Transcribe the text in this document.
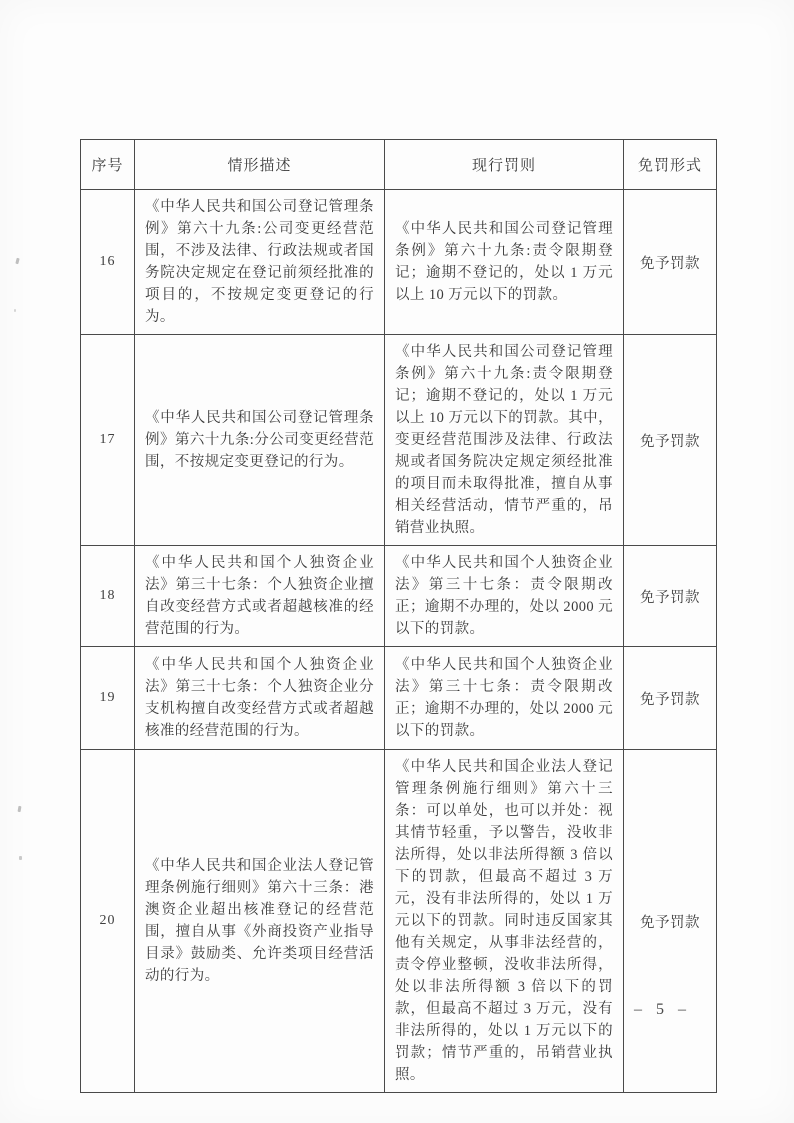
序号	情形描述	现行罚则	免罚形式
16	《中华人民共和国公司登记管理条例》第六十九条:公司变更经营范围，不涉及法律、行政法规或者国务院决定规定在登记前须经批准的项目的，不按规定变更登记的行为。	《中华人民共和国公司登记管理条例》第六十九条:责令限期登记；逾期不登记的，处以 1 万元以上 10 万元以下的罚款。	免予罚款
17	《中华人民共和国公司登记管理条例》第六十九条:分公司变更经营范围，不按规定变更登记的行为。	《中华人民共和国公司登记管理条例》第六十九条:责令限期登记；逾期不登记的，处以 1 万元以上 10 万元以下的罚款。其中，变更经营范围涉及法律、行政法规或者国务院决定规定须经批准的项目而未取得批准，擅自从事相关经营活动，情节严重的，吊销营业执照。	免予罚款
18	《中华人民共和国个人独资企业法》第三十七条：个人独资企业擅自改变经营方式或者超越核准的经营范围的行为。	《中华人民共和国个人独资企业法》第三十七条：责令限期改正；逾期不办理的，处以 2000 元以下的罚款。	免予罚款
19	《中华人民共和国个人独资企业法》第三十七条：个人独资企业分支机构擅自改变经营方式或者超越核准的经营范围的行为。	《中华人民共和国个人独资企业法》第三十七条：责令限期改正；逾期不办理的，处以 2000 元以下的罚款。	免予罚款
20	《中华人民共和国企业法人登记管理条例施行细则》第六十三条：港澳资企业超出核准登记的经营范围，擅自从事《外商投资产业指导目录》鼓励类、允许类项目经营活动的行为。	《中华人民共和国企业法人登记管理条例施行细则》第六十三条：可以单处，也可以并处：视其情节轻重，予以警告，没收非法所得，处以非法所得额 3 倍以下的罚款，但最高不超过 3 万元，没有非法所得的，处以 1 万元以下的罚款。同时违反国家其他有关规定，从事非法经营的，责令停业整顿，没收非法所得，处以非法所得额 3 倍以下的罚款，但最高不超过 3 万元，没有非法所得的，处以 1 万元以下的罚款；情节严重的，吊销营业执照。	免予罚款
– 5 –
